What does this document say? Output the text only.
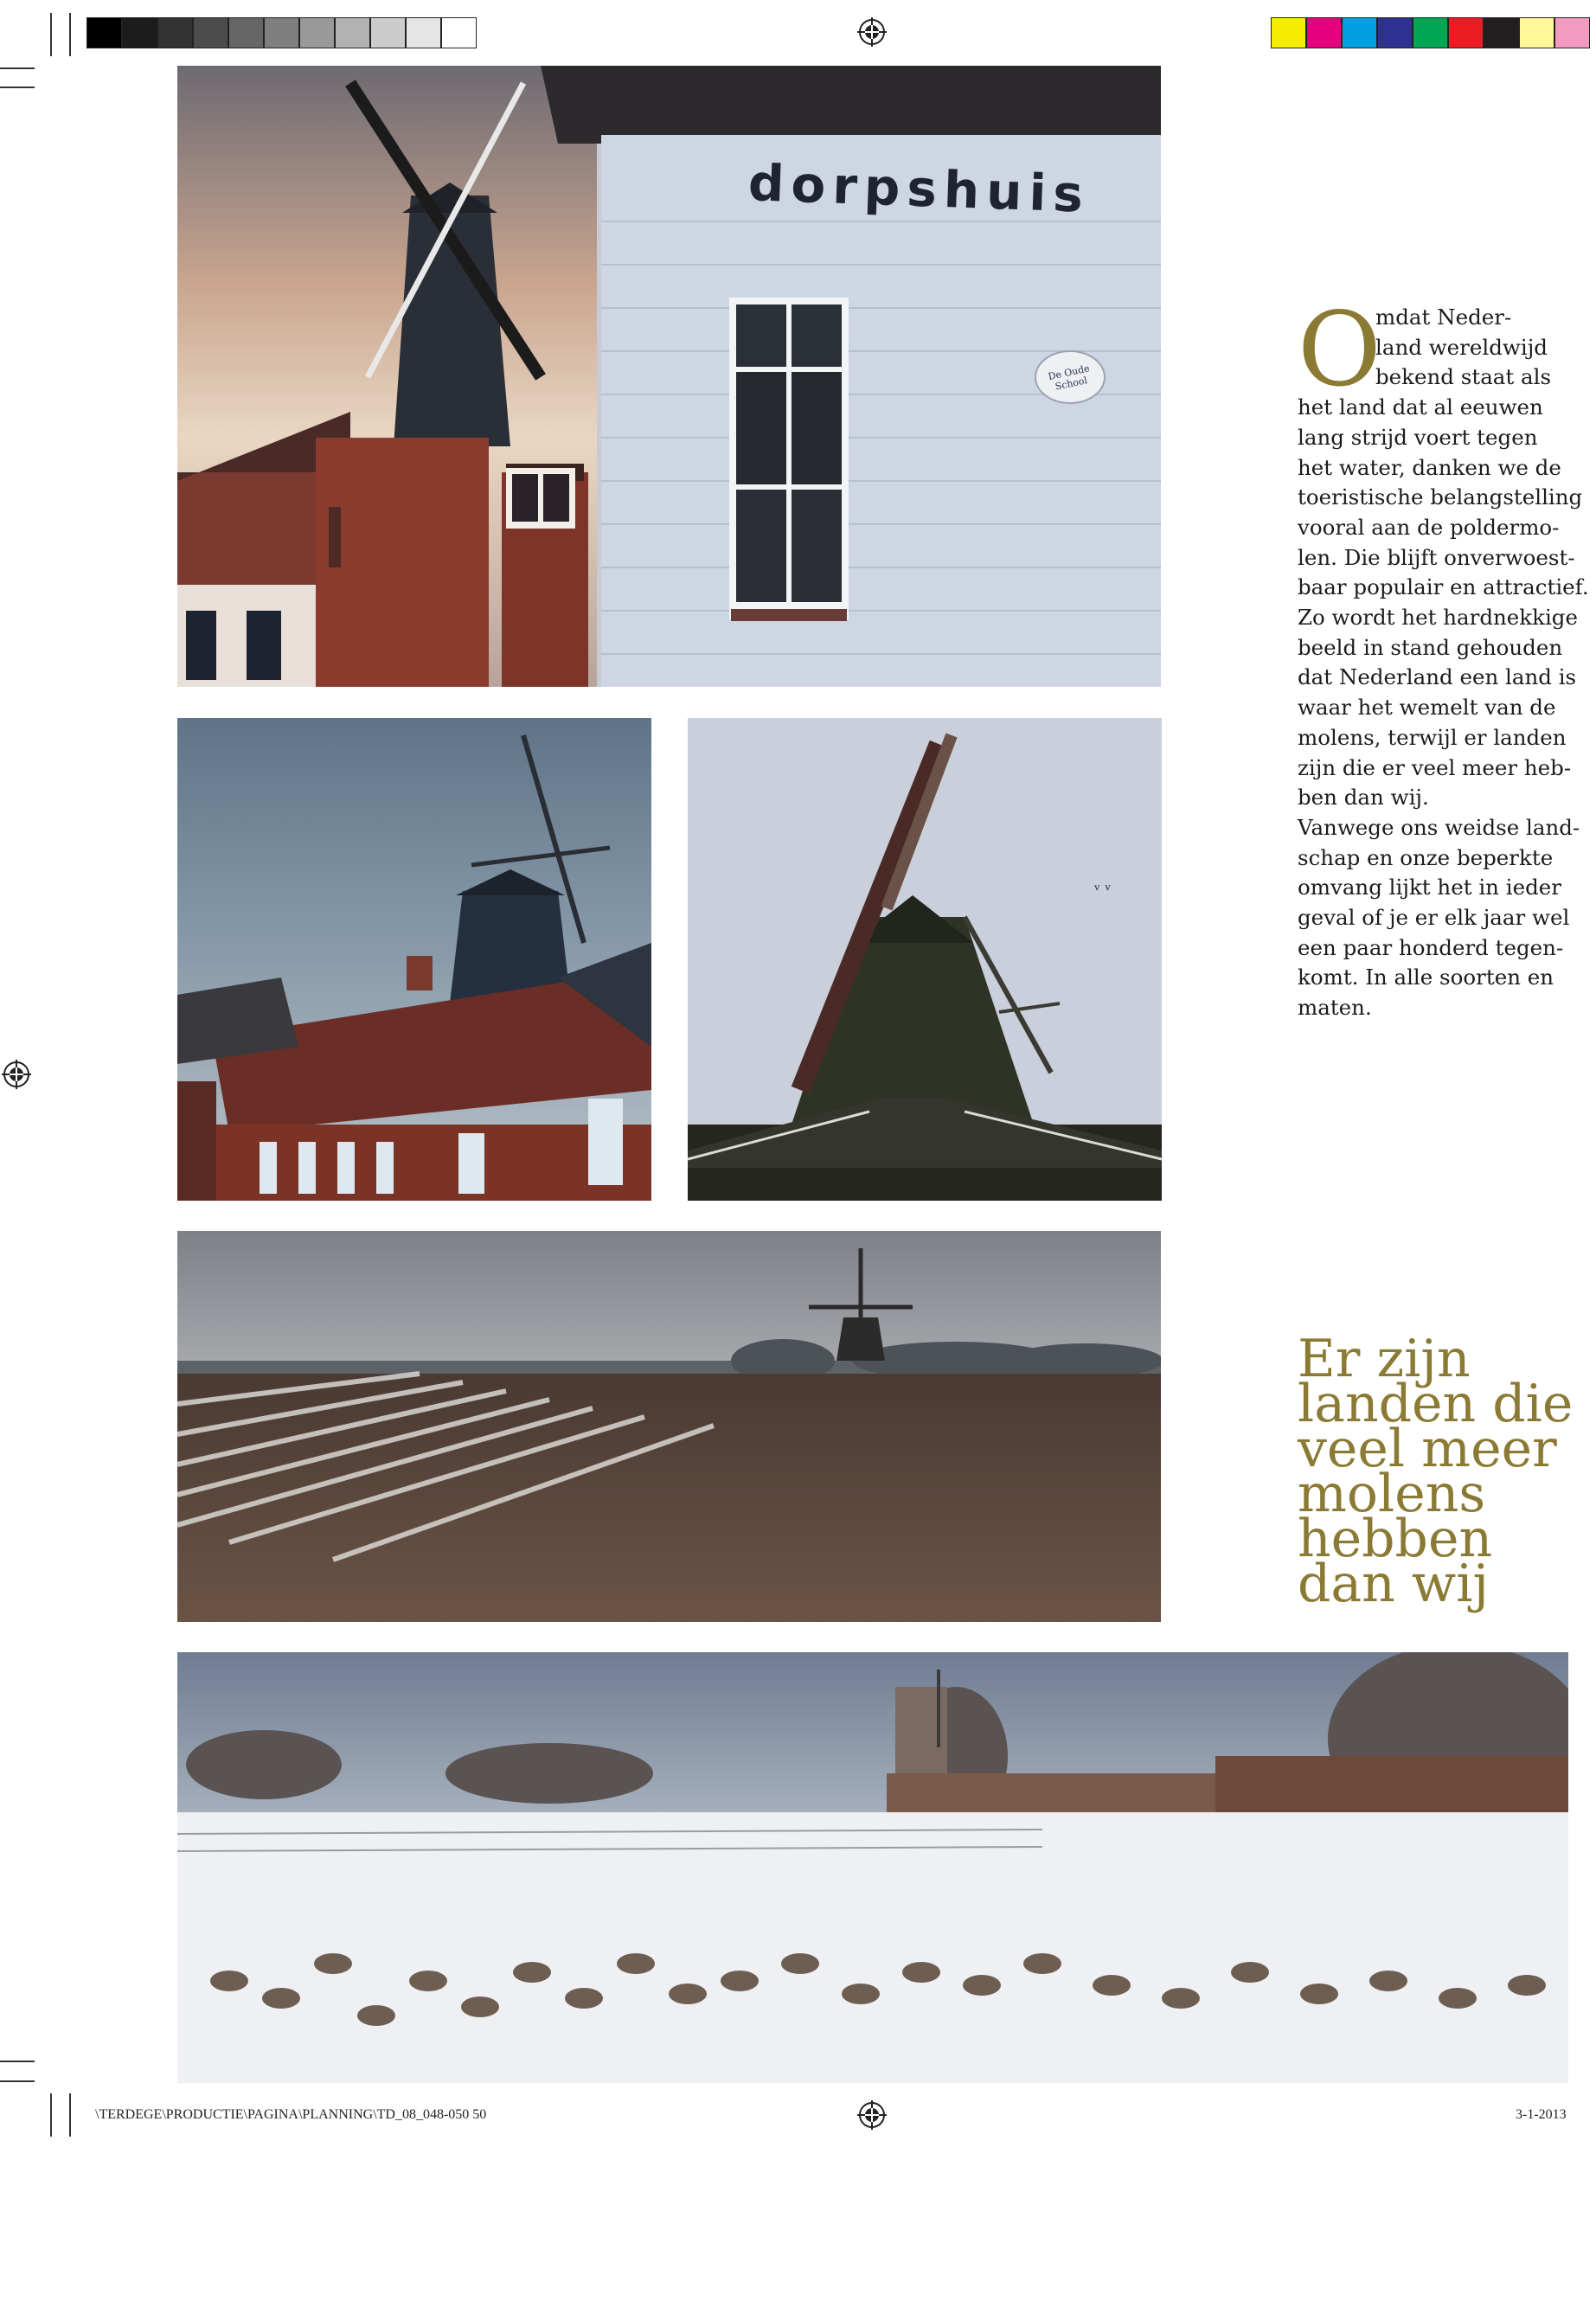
dorpshuis
De Oude School
ᵛ ᵛ
O
mdat Neder-
land wereldwijd
bekend staat als
het land dat al eeuwen
lang strijd voert tegen
het water, danken we de
toeristische belangstelling
vooral aan de poldermo-
len. Die blijft onverwoest-
baar populair en attractief.
Zo wordt het hardnekkige
beeld in stand gehouden
dat Nederland een land is
waar het wemelt van de
molens, terwijl er landen
zijn die er veel meer heb-
ben dan wij.
Vanwege ons weidse land-
schap en onze beperkte
omvang lijkt het in ieder
geval of je er elk jaar wel
een paar honderd tegen-
komt. In alle soorten en
maten.
Er zijn
landen die
veel meer
molens
hebben
dan wij
\TERDEGE\PRODUCTIE\PAGINA\PLANNING\TD_08_048-050 50	3-1-2013
